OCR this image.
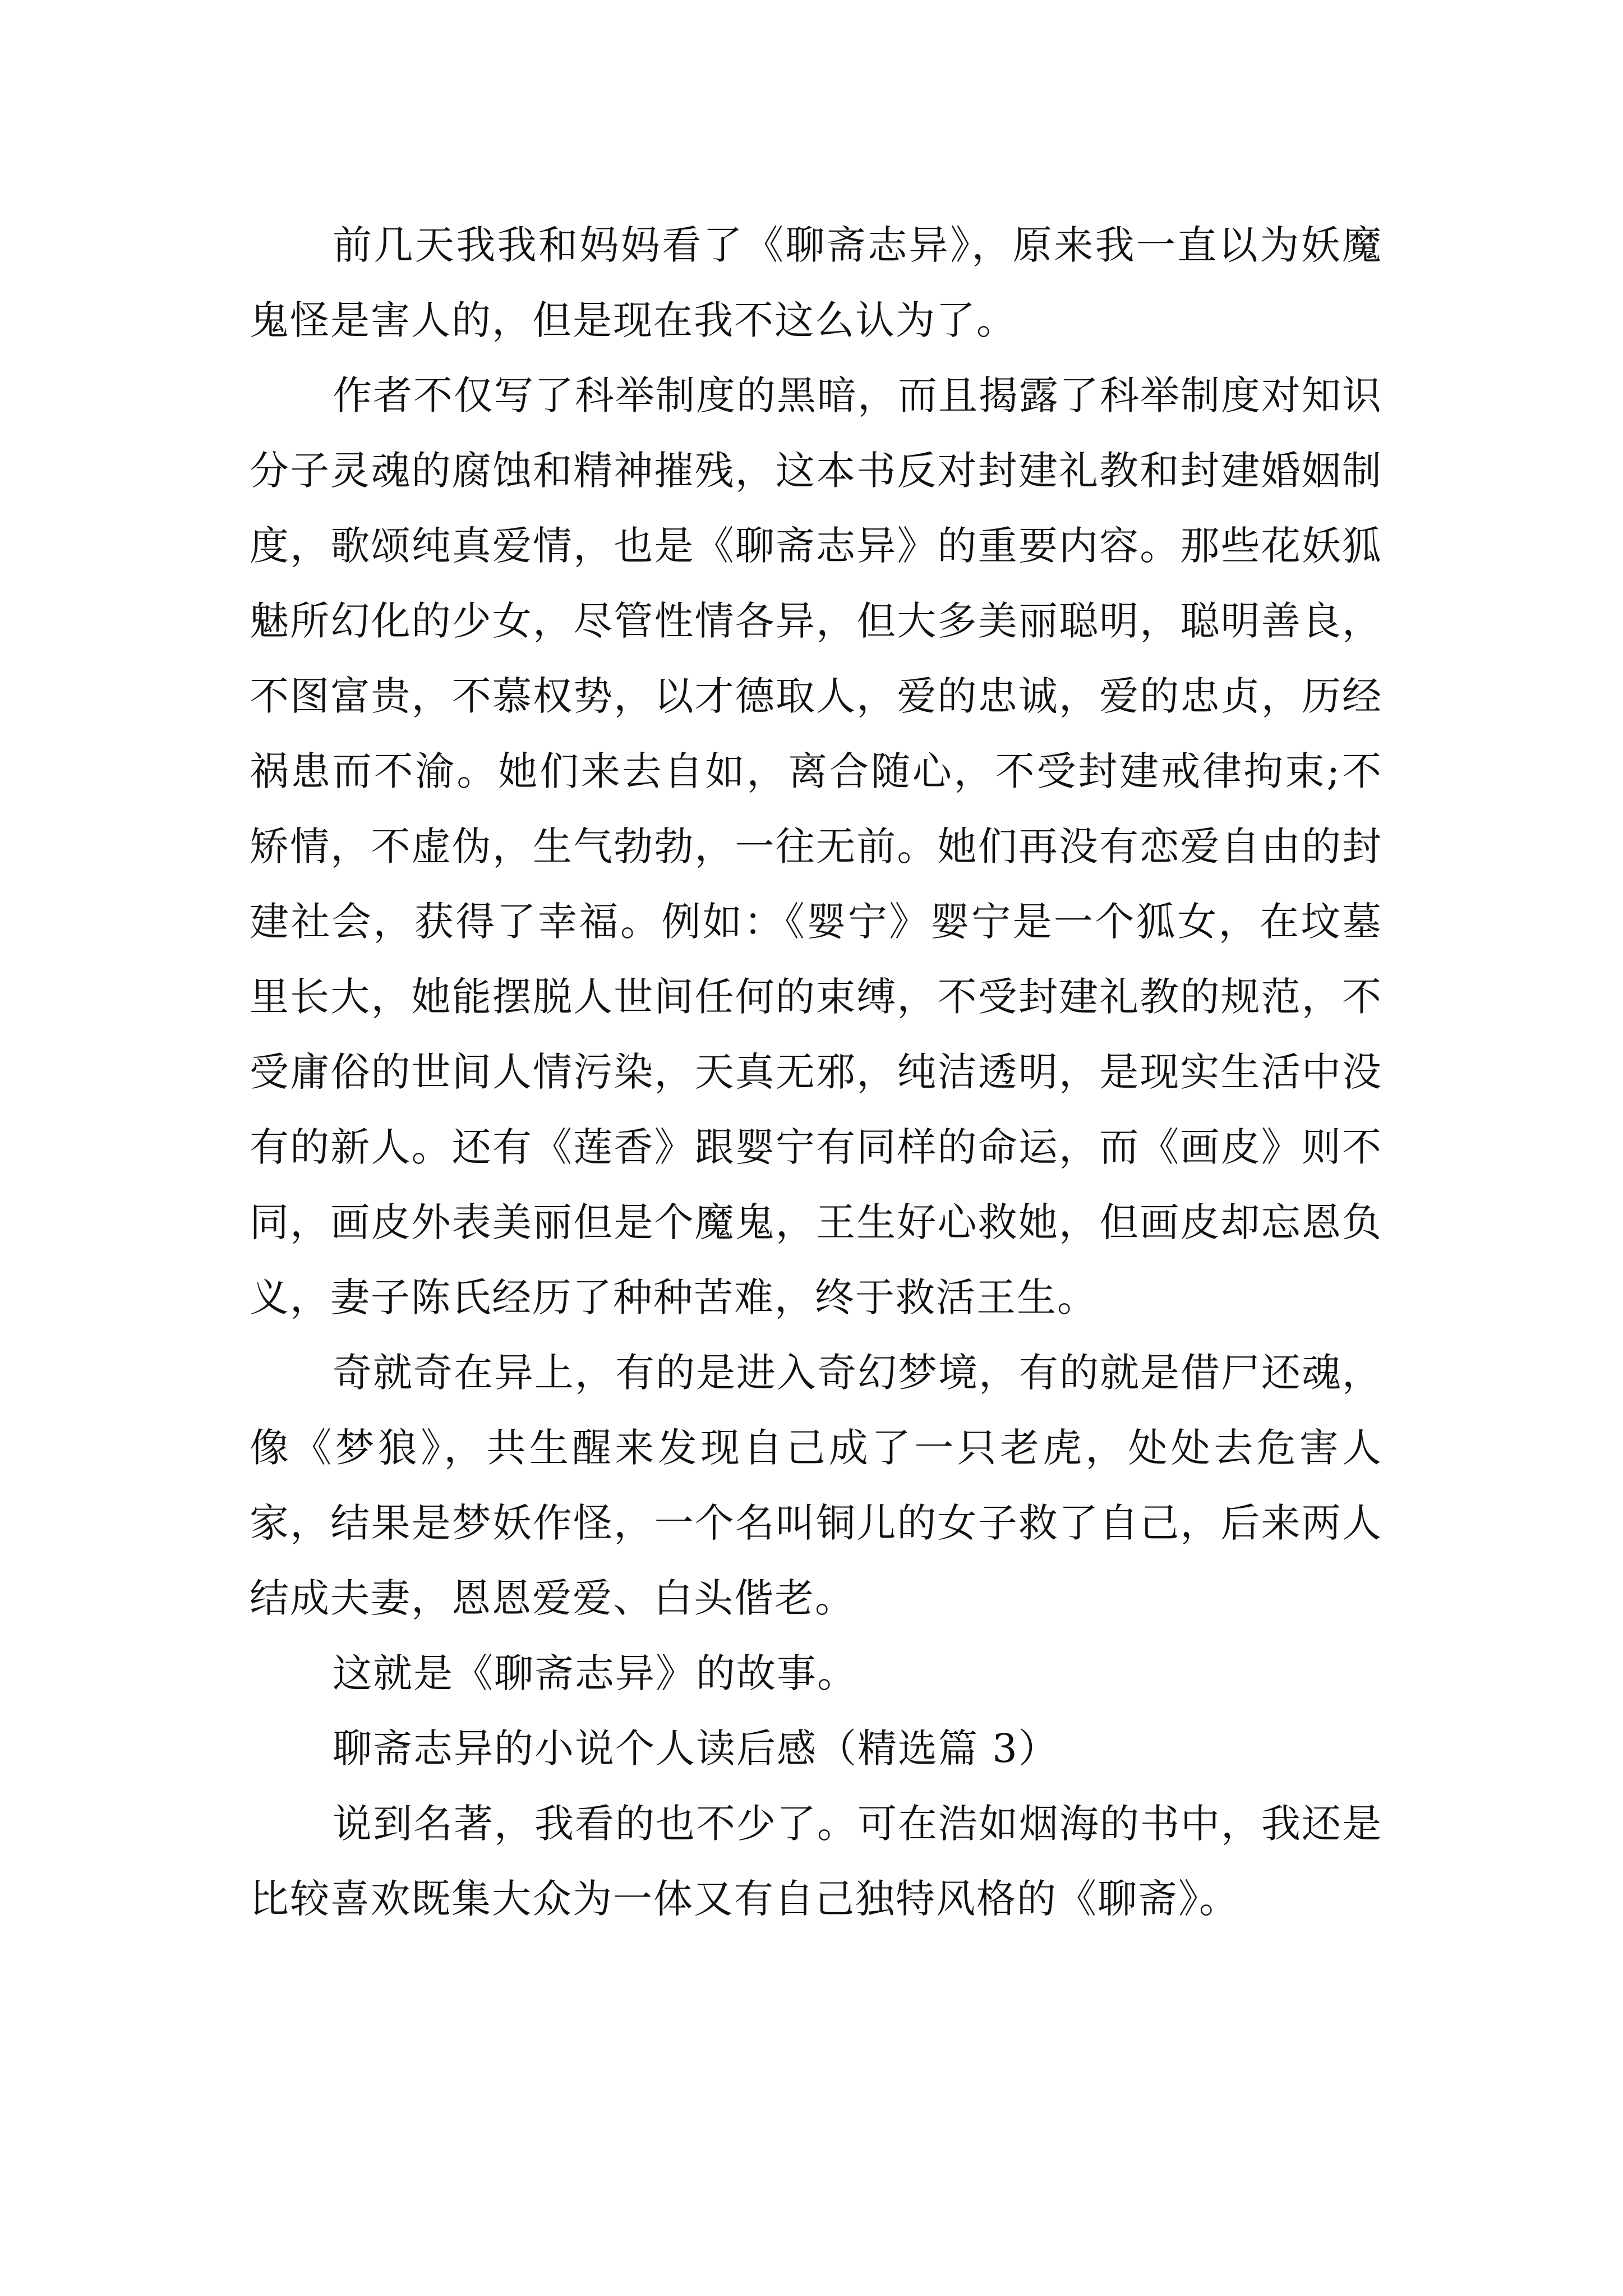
前几天我我和妈妈看了《聊斋志异》，原来我一直以为妖魔鬼怪是害人的，但是现在我不这么认为了。

作者不仅写了科举制度的黑暗，而且揭露了科举制度对知识分子灵魂的腐蚀和精神摧残，这本书反对封建礼教和封建婚姻制度，歌颂纯真爱情，也是《聊斋志异》的重要内容。那些花妖狐魅所幻化的少女，尽管性情各异，但大多美丽聪明，聪明善良，不图富贵，不慕权势，以才德取人，爱的忠诚，爱的忠贞，历经祸患而不渝。她们来去自如，离合随心，不受封建戒律拘束;不矫情，不虚伪，生气勃勃，一往无前。她们再没有恋爱自由的封建社会，获得了幸福。例如：《婴宁》婴宁是一个狐女，在坟墓里长大，她能摆脱人世间任何的束缚，不受封建礼教的规范，不受庸俗的世间人情污染，天真无邪，纯洁透明，是现实生活中没有的新人。还有《莲香》跟婴宁有同样的命运，而《画皮》则不同，画皮外表美丽但是个魔鬼，王生好心救她，但画皮却忘恩负义，妻子陈氏经历了种种苦难，终于救活王生。

奇就奇在异上，有的是进入奇幻梦境，有的就是借尸还魂，像《梦狼》，共生醒来发现自己成了一只老虎，处处去危害人家，结果是梦妖作怪，一个名叫铜儿的女子救了自己，后来两人结成夫妻，恩恩爱爱、白头偕老。

这就是《聊斋志异》的故事。

聊斋志异的小说个人读后感（精选篇 3）

说到名著，我看的也不少了。可在浩如烟海的书中，我还是比较喜欢既集大众为一体又有自己独特风格的《聊斋》。
